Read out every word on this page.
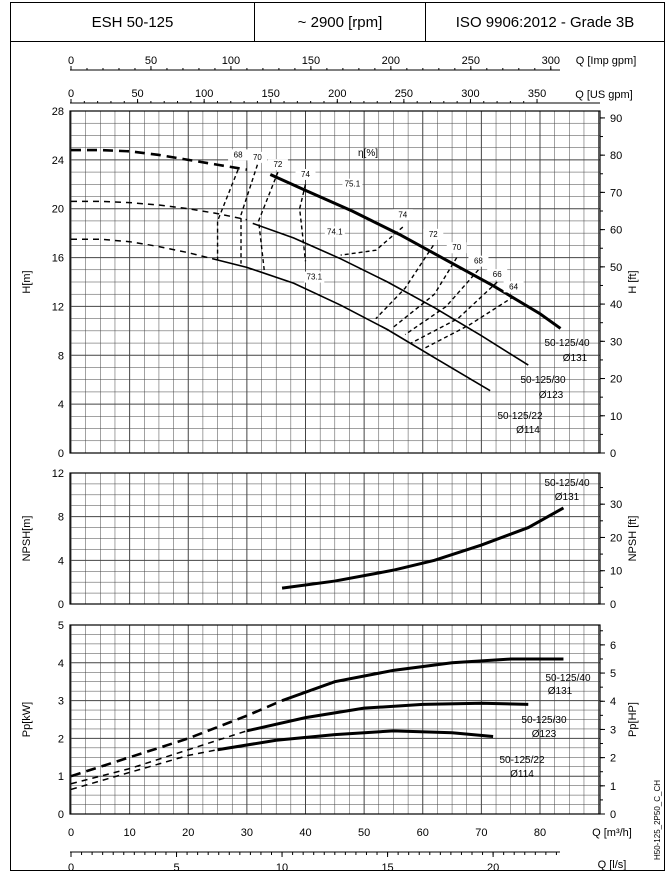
ESH 50-125	~ 2900 [rpm]	ISO 9906:2012 - Grade 3B
0	50	100	150	200	250	300 Q [Imp gpm]
0	50	100	150	200	250	300	350	Q [US gpm]
0
4
8
12
16
20
24
28
0
10
20
30
40
50
60
70
80
90
H[m]	H [ft]
50-125/40
Ø131
50-125/30
Ø123
50-125/22
Ø114
η[%]
68 70
72
74
75.1
74
72
70
68
66
64
74.1
73.1
0
4
8
12
0
10
20
30
NPSH[m]	NPSH [ft]
50-125/40
Ø131
0
1
2
3
4
5
0
1
2
3
4
5
6
Pp[kW]	Pp[HP]
50-125/40
Ø131
50-125/30
Ø123
50-125/22
Ø114
0	10	20	30	40	50	60	70	80	Q [m³/h]
0	5	10	15	20	Q [l/s]
H50-125_2P50_C_CH
